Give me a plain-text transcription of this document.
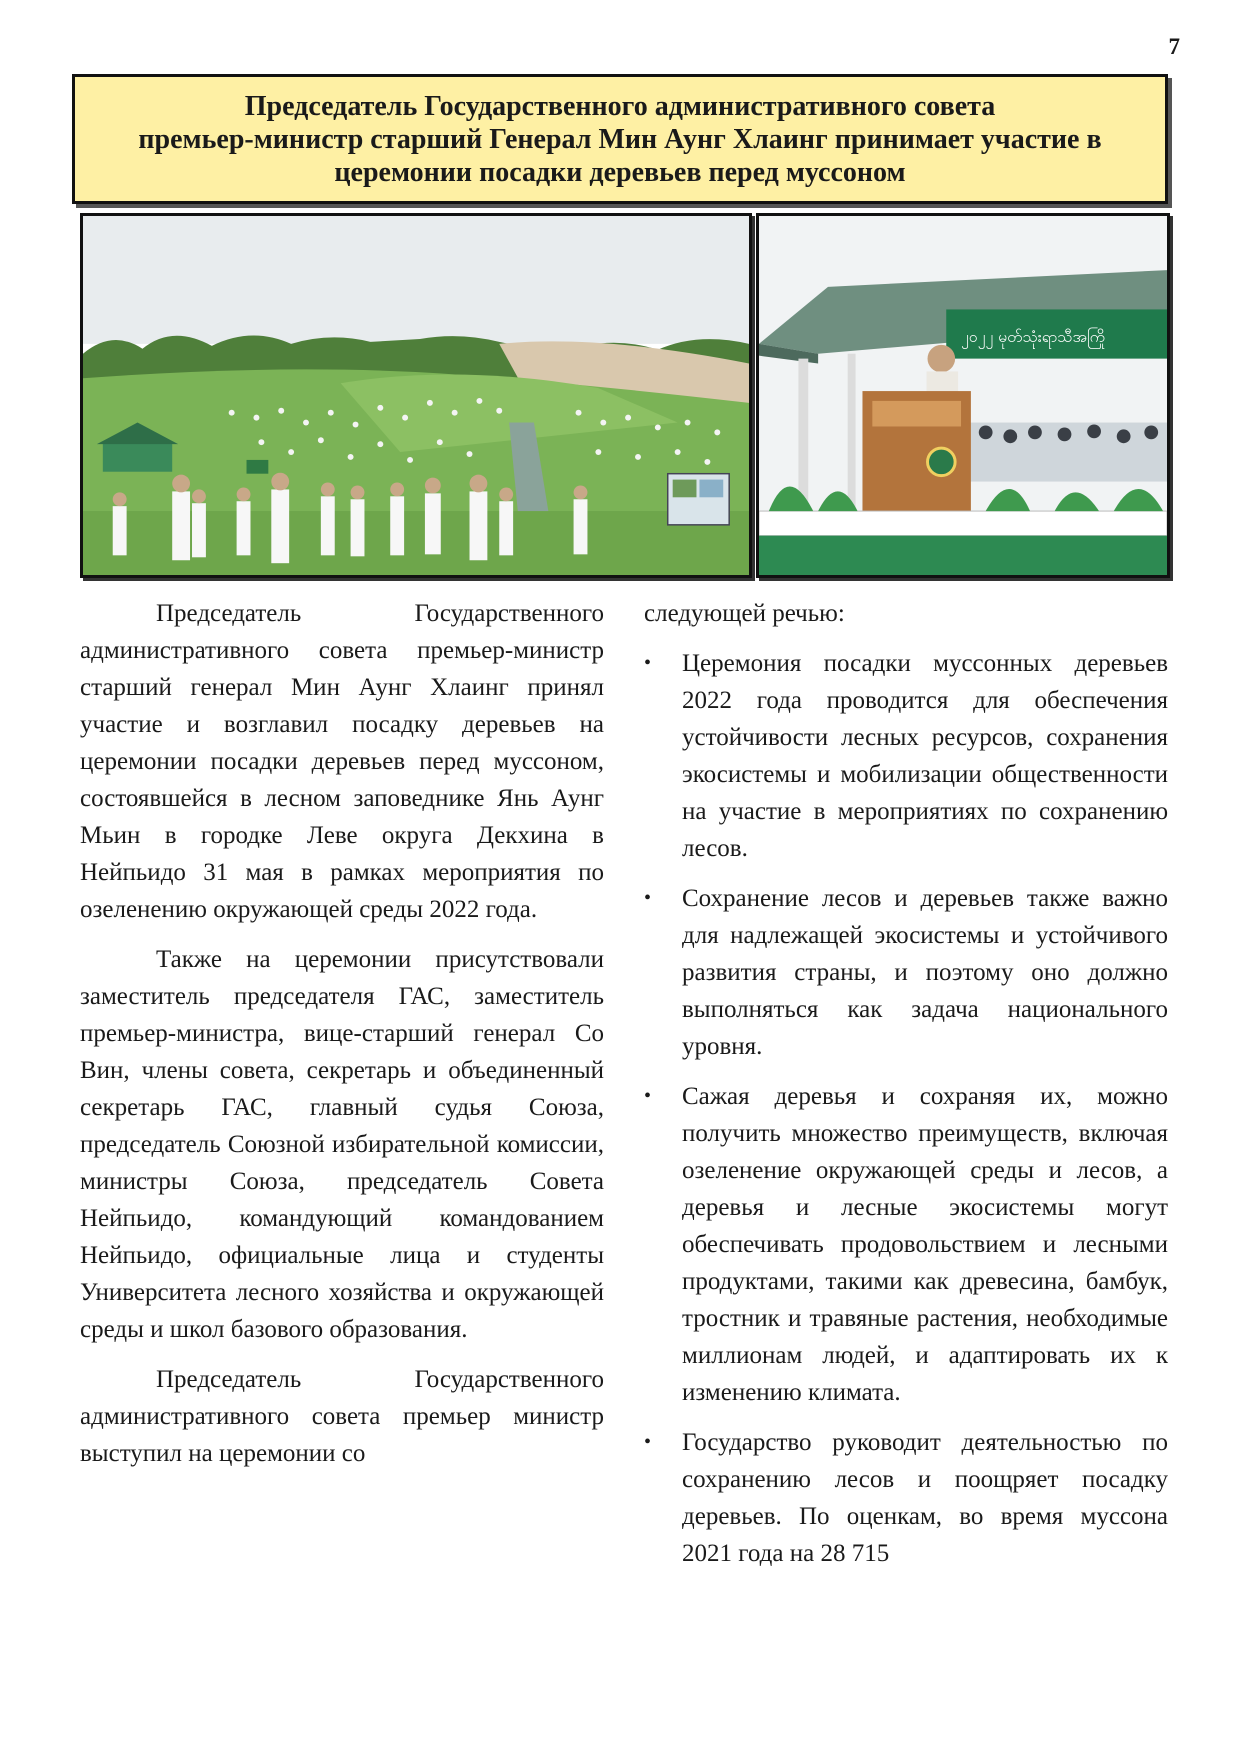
7
Председатель Государственного административного совета
премьер-министр старший Генерал Мин Аунг Хлаинг принимает участие в
церемонии посадки деревьев перед муссоном
၂၀၂၂ မုတ်သုံးရာသီအကြို

Председатель Государственного административного совета премьер-министр старший генерал Мин Аунг Хлаинг принял участие и возглавил посадку деревьев на церемонии посадки деревьев перед муссоном, состоявшейся в лесном заповеднике Янь Аунг Мьин в городке Леве округа Декхина в Нейпьидо 31 мая в рамках мероприятия по озеленению окружающей среды 2022 года.

Также на церемонии присутствовали заместитель председателя ГАС, заместитель премьер-министра, вице-старший генерал Со Вин, члены совета, секретарь и объединенный секретарь ГАС, главный судья Союза, председатель Союзной избирательной комиссии, министры Союза, председатель Совета Нейпьидо, командующий командованием Нейпьидо, официальные лица и студенты Университета лесного хозяйства и окружающей среды и школ базового образования.

Председатель Государственного административного совета премьер министр выступил на церемонии со

следующей речью:

• Церемония посадки муссонных деревьев 2022 года проводится для обеспечения устойчивости лесных ресурсов, сохранения экосистемы и мобилизации общественности на участие в мероприятиях по сохранению лесов.
• Сохранение лесов и деревьев также важно для надлежащей экосистемы и устойчивого развития страны, и поэтому оно должно выполняться как задача национального уровня.
• Сажая деревья и сохраняя их, можно получить множество преимуществ, включая озеленение окружающей среды и лесов, а деревья и лесные экосистемы могут обеспечивать продовольствием и лесными продуктами, такими как древесина, бамбук, тростник и травяные растения, необходимые миллионам людей, и адаптировать их к изменению климата.
• Государство руководит деятельностью по сохранению лесов и поощряет посадку деревьев. По оценкам, во время муссона 2021 года на 28 715
